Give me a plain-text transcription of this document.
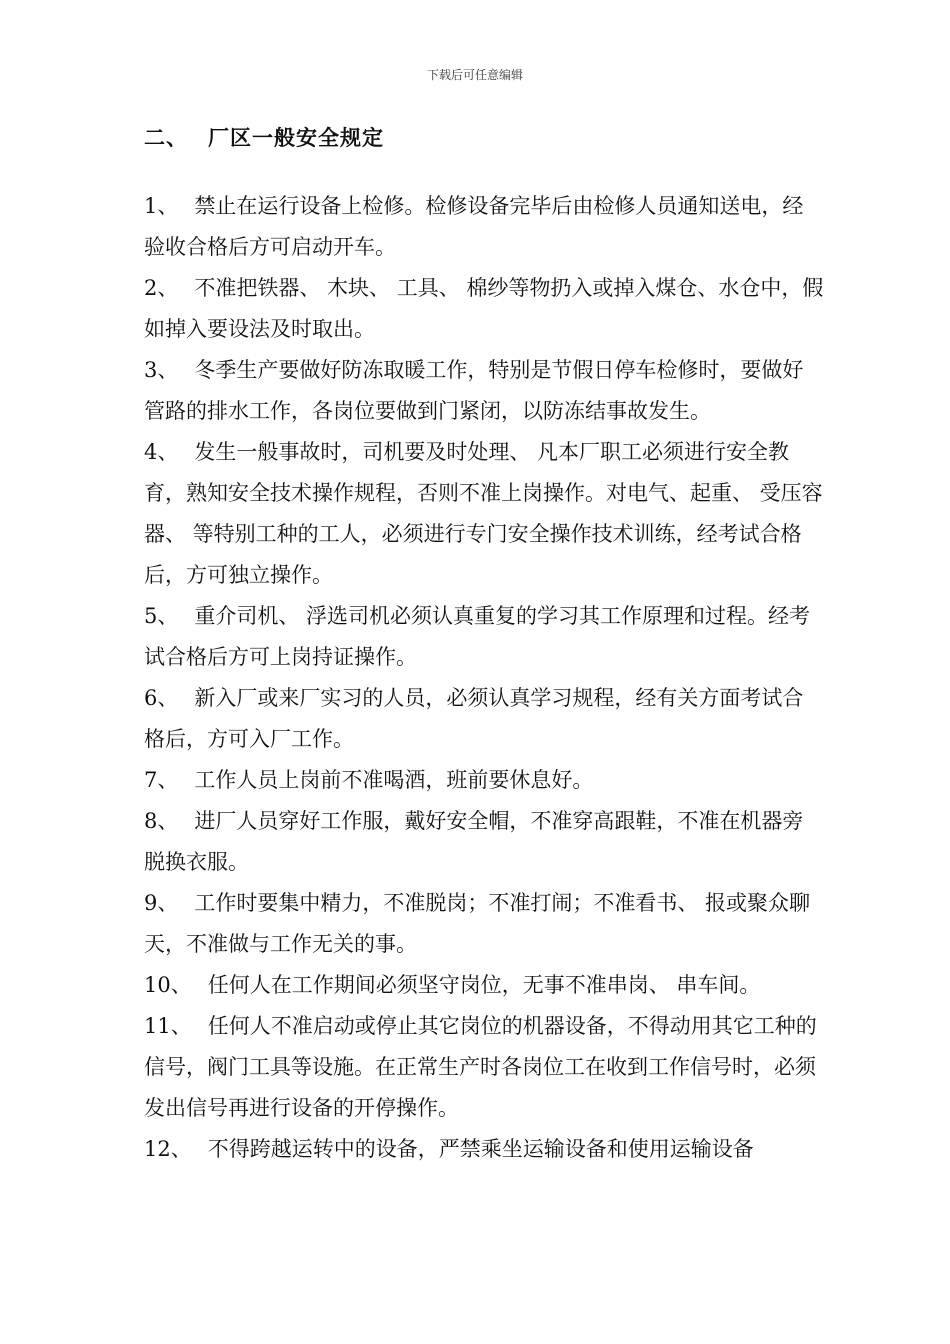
下载后可任意编辑
二、 厂区一般安全规定

1、 禁止在运行设备上检修。检修设备完毕后由检修人员通知送电，经验收合格后方可启动开车。

2、 不准把铁器、 木块、 工具、 棉纱等物扔入或掉入煤仓、水仓中，假如掉入要设法及时取出。

3、 冬季生产要做好防冻取暖工作，特别是节假日停车检修时，要做好管路的排水工作，各岗位要做到门紧闭，以防冻结事故发生。

4、 发生一般事故时，司机要及时处理、 凡本厂职工必须进行安全教育，熟知安全技术操作规程，否则不准上岗操作。对电气、起重、 受压容器、 等特别工种的工人，必须进行专门安全操作技术训练，经考试合格后，方可独立操作。

5、 重介司机、 浮选司机必须认真重复的学习其工作原理和过程。经考试合格后方可上岗持证操作。

6、 新入厂或来厂实习的人员，必须认真学习规程，经有关方面考试合格后，方可入厂工作。

7、 工作人员上岗前不准喝酒，班前要休息好。

8、 进厂人员穿好工作服，戴好安全帽，不准穿高跟鞋，不准在机器旁脱换衣服。

9、 工作时要集中精力，不准脱岗；不准打闹；不准看书、 报或聚众聊天，不准做与工作无关的事。

10、 任何人在工作期间必须坚守岗位，无事不准串岗、 串车间。

11、 任何人不准启动或停止其它岗位的机器设备，不得动用其它工种的信号，阀门工具等设施。在正常生产时各岗位工在收到工作信号时，必须发出信号再进行设备的开停操作。

12、 不得跨越运转中的设备，严禁乘坐运输设备和使用运输设备
